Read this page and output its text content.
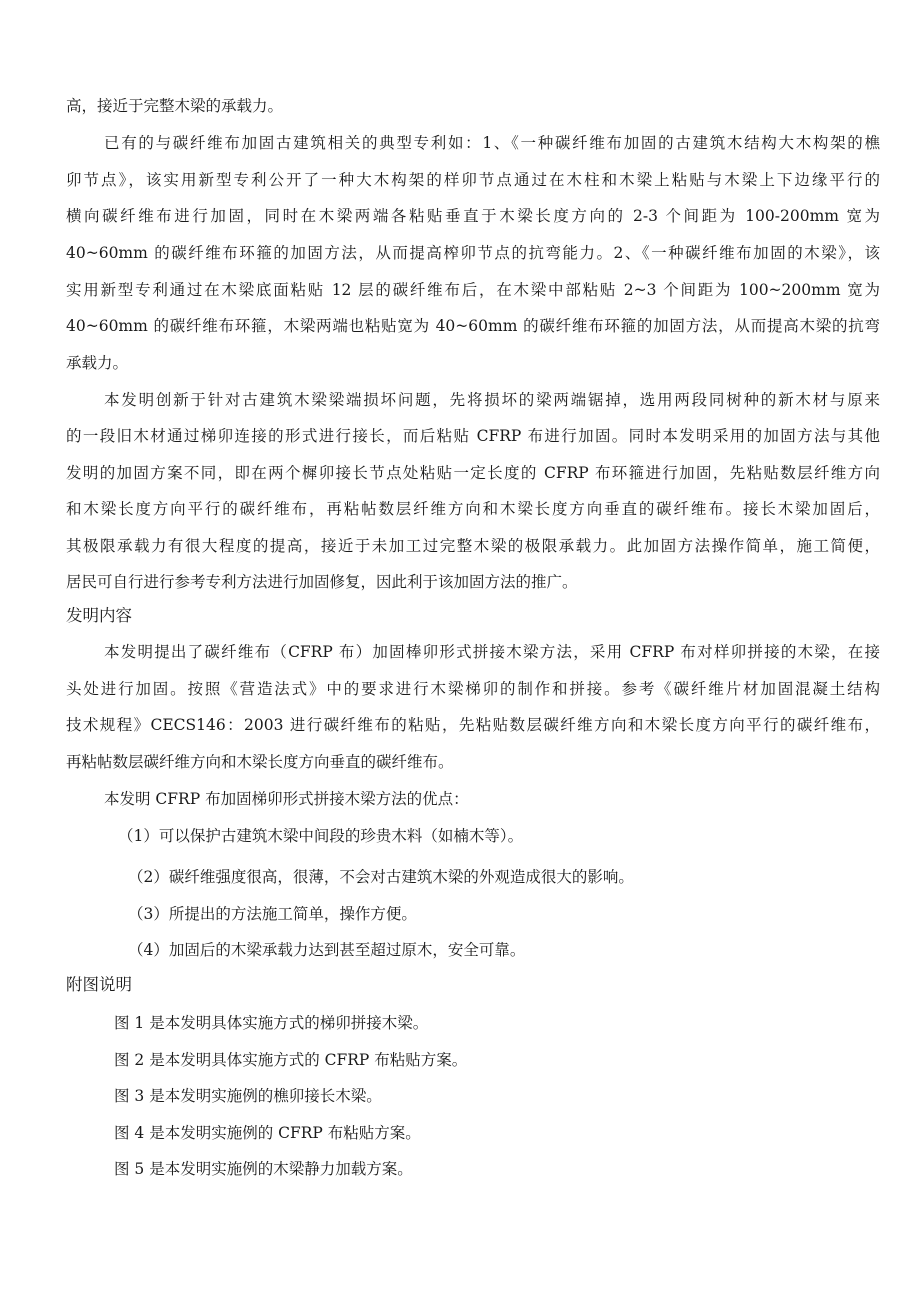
高，接近于完整木梁的承载力。
已有的与碳纤维布加固古建筑相关的典型专利如：1、《一种碳纤维布加固的古建筑木结构大木构架的樵
卯节点》，该实用新型专利公开了一种大木构架的样卯节点通过在木柱和木梁上粘贴与木梁上下边缘平行的
横向碳纤维布进行加固，同时在木梁两端各粘贴垂直于木梁长度方向的 2-3 个间距为 100-200mm 宽为
40~60mm 的碳纤维布环箍的加固方法，从而提高榨卯节点的抗弯能力。2、《一种碳纤维布加固的木梁》，该
实用新型专利通过在木梁底面粘贴 12 层的碳纤维布后，在木梁中部粘贴 2~3 个间距为 100~200mm 宽为
40~60mm 的碳纤维布环箍，木梁两端也粘贴宽为 40~60mm 的碳纤维布环箍的加固方法，从而提高木梁的抗弯
承载力。
本发明创新于针对古建筑木梁梁端损坏问题，先将损坏的梁两端锯掉，选用两段同树种的新木材与原来
的一段旧木材通过梯卯连接的形式进行接长，而后粘贴 CFRP 布进行加固。同时本发明采用的加固方法与其他
发明的加固方案不同，即在两个樨卯接长节点处粘贴一定长度的 CFRP 布环箍进行加固，先粘贴数层纤维方向
和木梁长度方向平行的碳纤维布，再粘帖数层纤维方向和木梁长度方向垂直的碳纤维布。接长木梁加固后，
其极限承载力有很大程度的提高，接近于未加工过完整木梁的极限承载力。此加固方法操作简单，施工简便，
居民可自行进行参考专利方法进行加固修复，因此利于该加固方法的推广。
发明内容
本发明提出了碳纤维布（CFRP 布）加固棒卯形式拼接木梁方法，采用 CFRP 布对样卯拼接的木梁，在接
头处进行加固。按照《营造法式》中的要求进行木梁梯卯的制作和拼接。参考《碳纤维片材加固混凝土结构
技术规程》CECS146：2003 进行碳纤维布的粘贴，先粘贴数层碳纤维方向和木梁长度方向平行的碳纤维布，
再粘帖数层碳纤维方向和木梁长度方向垂直的碳纤维布。
本发明 CFRP 布加固梯卯形式拼接木梁方法的优点：
（1）可以保护古建筑木梁中间段的珍贵木料（如楠木等）。
（2）碳纤维强度很高，很薄，不会对古建筑木梁的外观造成很大的影响。
（3）所提出的方法施工简单，操作方便。
（4）加固后的木梁承载力达到甚至超过原木，安全可靠。
附图说明
图 1 是本发明具体实施方式的梯卯拼接木梁。
图 2 是本发明具体实施方式的 CFRP 布粘贴方案。
图 3 是本发明实施例的樵卯接长木梁。
图 4 是本发明实施例的 CFRP 布粘贴方案。
图 5 是本发明实施例的木梁静力加载方案。
